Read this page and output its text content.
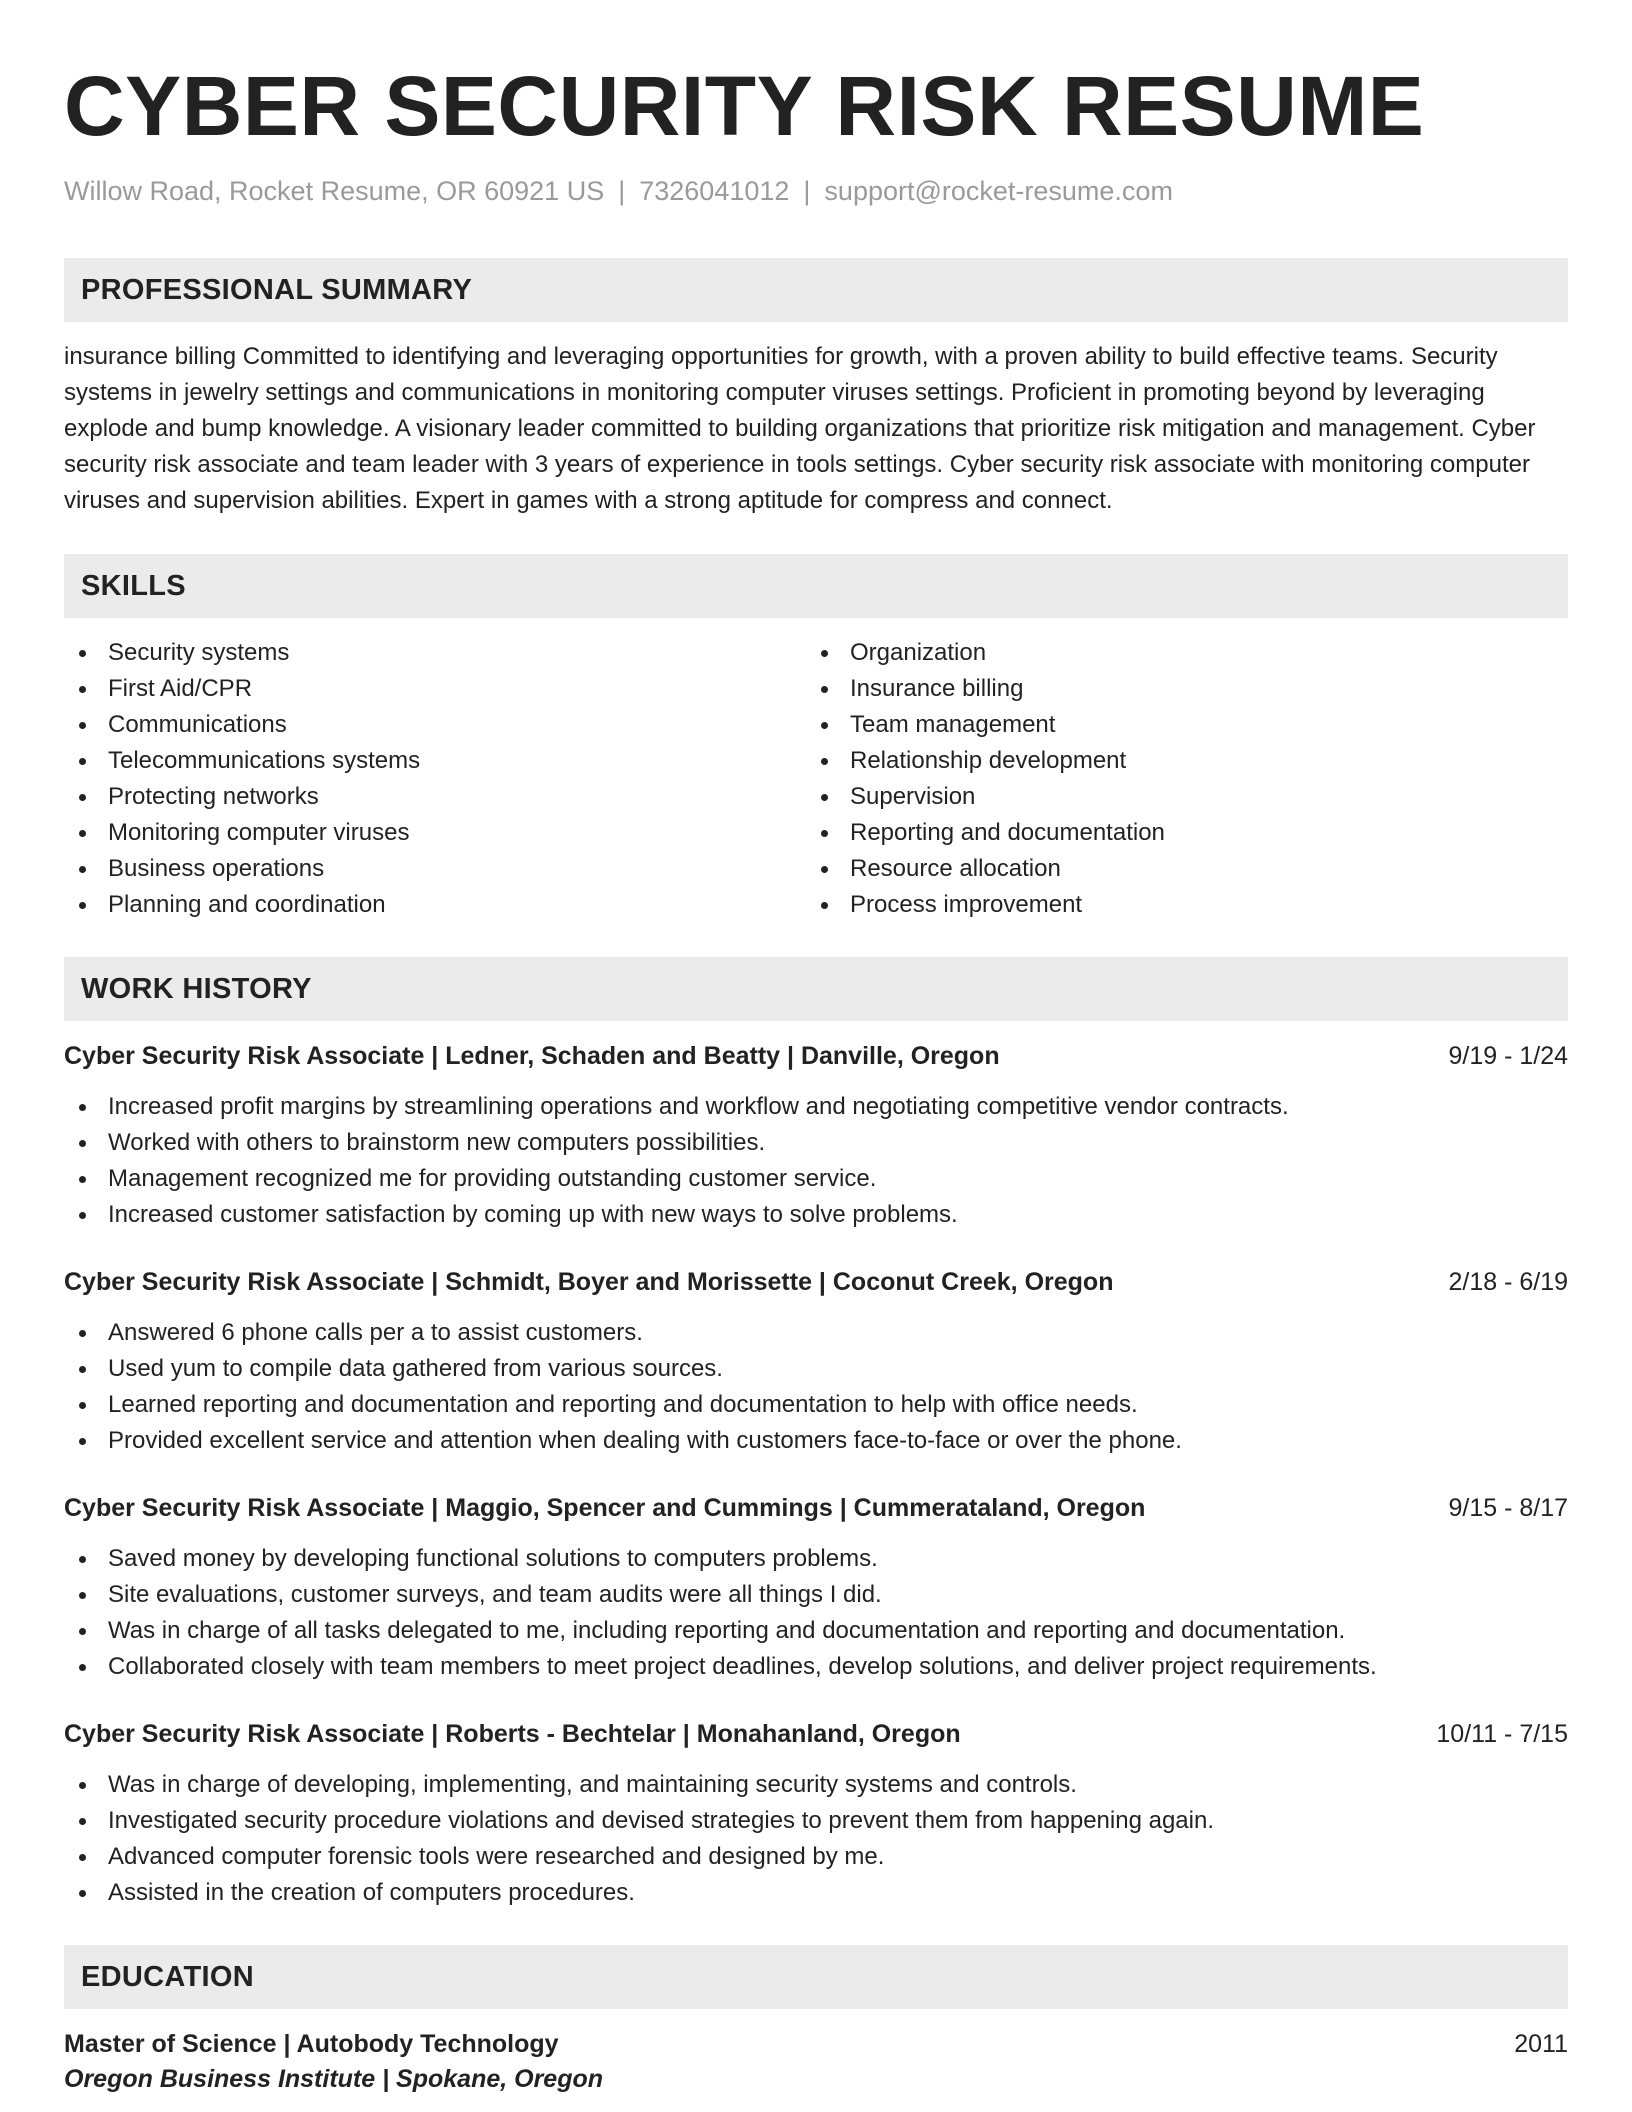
CYBER SECURITY RISK RESUME
Willow Road, Rocket Resume, OR 60921 US | 7326041012 | support@rocket-resume.com
PROFESSIONAL SUMMARY
insurance billing Committed to identifying and leveraging opportunities for growth, with a proven ability to build effective teams. Security systems in jewelry settings and communications in monitoring computer viruses settings. Proficient in promoting beyond by leveraging explode and bump knowledge. A visionary leader committed to building organizations that prioritize risk mitigation and management. Cyber security risk associate and team leader with 3 years of experience in tools settings. Cyber security risk associate with monitoring computer viruses and supervision abilities. Expert in games with a strong aptitude for compress and connect.
SKILLS
Security systems
First Aid/CPR
Communications
Telecommunications systems
Protecting networks
Monitoring computer viruses
Business operations
Planning and coordination
Organization
Insurance billing
Team management
Relationship development
Supervision
Reporting and documentation
Resource allocation
Process improvement
WORK HISTORY
Cyber Security Risk Associate | Ledner, Schaden and Beatty | Danville, Oregon	9/19 - 1/24
Increased profit margins by streamlining operations and workflow and negotiating competitive vendor contracts.
Worked with others to brainstorm new computers possibilities.
Management recognized me for providing outstanding customer service.
Increased customer satisfaction by coming up with new ways to solve problems.
Cyber Security Risk Associate | Schmidt, Boyer and Morissette | Coconut Creek, Oregon	2/18 - 6/19
Answered 6 phone calls per a to assist customers.
Used yum to compile data gathered from various sources.
Learned reporting and documentation and reporting and documentation to help with office needs.
Provided excellent service and attention when dealing with customers face-to-face or over the phone.
Cyber Security Risk Associate | Maggio, Spencer and Cummings | Cummerataland, Oregon	9/15 - 8/17
Saved money by developing functional solutions to computers problems.
Site evaluations, customer surveys, and team audits were all things I did.
Was in charge of all tasks delegated to me, including reporting and documentation and reporting and documentation.
Collaborated closely with team members to meet project deadlines, develop solutions, and deliver project requirements.
Cyber Security Risk Associate | Roberts - Bechtelar | Monahanland, Oregon	10/11 - 7/15
Was in charge of developing, implementing, and maintaining security systems and controls.
Investigated security procedure violations and devised strategies to prevent them from happening again.
Advanced computer forensic tools were researched and designed by me.
Assisted in the creation of computers procedures.
EDUCATION
Master of Science | Autobody Technology	2011
Oregon Business Institute | Spokane, Oregon
